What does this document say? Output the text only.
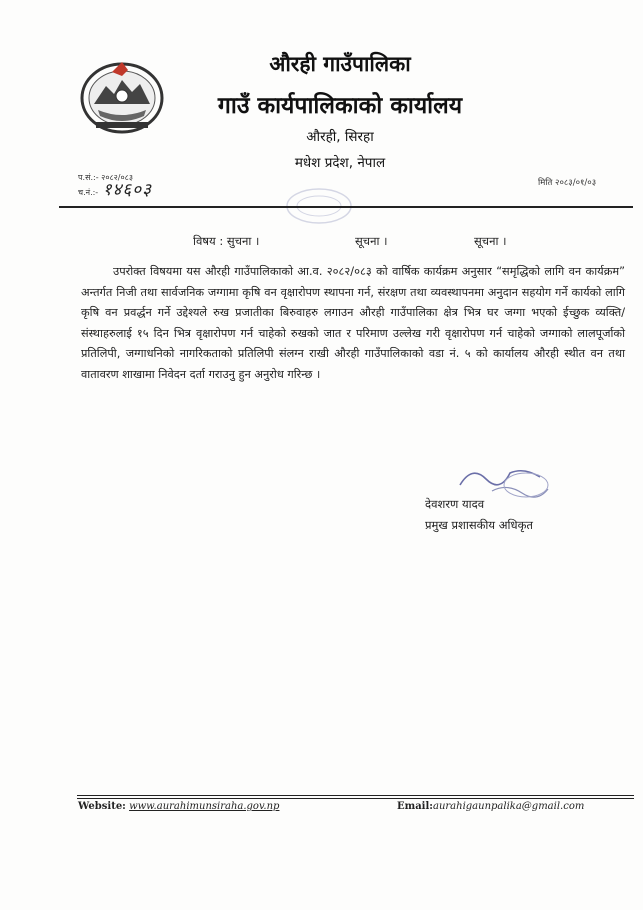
औरही गाउँपालिका
गाउँ कार्यपालिकाको कार्यालय
औरही, सिरहा
मधेश प्रदेश, नेपाल
प.सं.:- २०८२/०८३
च.नं.:- १४६०३	मिति २०८३/०१/०३
विषय : सुचना ।	सूचना ।	सूचना ।

उपरोक्त विषयमा यस औरही गाउँपालिकाको आ.व. २०८२/०८३ को वार्षिक कार्यक्रम अनुसार “समृद्धिको लागि वन कार्यक्रम” अन्तर्गत निजी तथा सार्वजनिक जग्गामा कृषि वन वृक्षारोपण स्थापना गर्न, संरक्षण तथा व्यवस्थापनमा अनुदान सहयोग गर्ने कार्यको लागि कृषि वन प्रवर्द्धन गर्ने उद्देश्यले रुख प्रजातीका बिरुवाहरु लगाउन औरही गाउँपालिका क्षेत्र भित्र घर जग्गा भएको ईच्छुक व्यक्ति/संस्थाहरुलाई १५ दिन भित्र वृक्षारोपण गर्न चाहेको रुखको जात र परिमाण उल्लेख गरी वृक्षारोपण गर्न चाहेको जग्गाको लालपूर्जाको प्रतिलिपी, जग्गाधनिको नागरिकताको प्रतिलिपी संलग्न राखी औरही गाउँपालिकाको वडा नं. ५ को कार्यालय औरही स्थीत वन तथा वातावरण शाखामा निवेदन दर्ता गराउनु हुन अनुरोध गरिन्छ ।

देवशरण यादव
प्रमुख प्रशासकीय अधिकृत
Website: www.aurahimunsiraha.gov.np	Email:aurahigaunpalika@gmail.com
